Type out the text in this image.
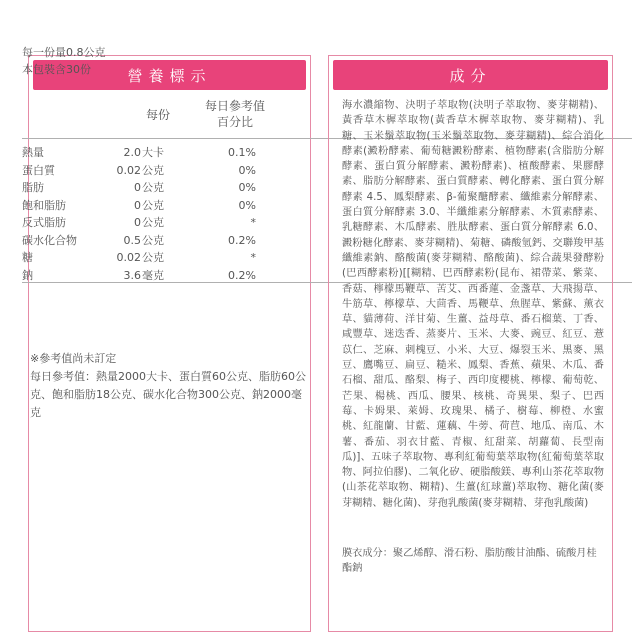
營養標示
每一份量0.8公克
本包裝含30份
每份
每日參考值
百分比
熱量	2.0 大卡	0.1%
蛋白質	0.02 公克	0%
脂肪	0 公克	0%
飽和脂肪	0 公克	0%
反式脂肪	0 公克	*
碳水化合物	0.5 公克	0.2%
糖	0.02 公克	*
鈉	3.6 毫克	0.2%
※參考值尚未訂定
每日參考值：熱量2000大卡、蛋白質60公克、脂肪60公克、飽和脂肪18公克、碳水化合物300公克、鈉2000毫克
成分
海水濃縮物、決明子萃取物(決明子萃取物、麥芽糊精)、黃香草木樨萃取物(黃香草木樨萃取物、麥芽糊精)、乳糖、玉米鬚萃取物(玉米鬚萃取物、麥芽糊精)、綜合消化酵素(澱粉酵素、葡萄糖澱粉酵素、植物酵素(含脂肪分解酵素、蛋白質分解酵素、澱粉酵素)、植酸酵素、果膠酵素、脂肪分解酵素、蛋白質酵素、轉化酵素、蛋白質分解酵素 4.5、鳳梨酵素、β-葡聚醣酵素、纖維素分解酵素、蛋白質分解酵素 3.0、半纖維素分解酵素、木質素酵素、乳糖酵素、木瓜酵素、胜肽酵素、蛋白質分解酵素 6.0、澱粉糖化酵素、麥芽糊精)、菊糖、磷酸氫鈣、交聯羧甲基纖維素鈉、酪酸菌(麥芽糊精、酪酸菌)、綜合蔬果發酵粉(巴西酵素粉)[[糊精、巴西酵素粉(昆布、裙帶菜、紫菜、香菇、檸檬馬鞭草、苦艾、西番蓮、金盞草、大飛揚草、牛筋草、檸檬草、大茴香、馬鞭草、魚腥草、紫蘇、薰衣草、貓薄荷、洋甘菊、生薑、益母草、番石榴葉、丁香、咸豐草、迷迭香、蒸麥片、玉米、大麥、豌豆、紅豆、薏苡仁、芝麻、刺槐豆、小米、大豆、爆裂玉米、黑麥、黑豆、鷹嘴豆、扁豆、糙米、鳳梨、香蕉、蘋果、木瓜、番石榴、甜瓜、酪梨、梅子、西印度櫻桃、檸檬、葡萄乾、芒果、楊桃、西瓜、腰果、核桃、奇異果、梨子、巴西莓、卡姆果、萊姆、玫瑰果、橘子、樹莓、柳橙、水蜜桃、紅龍蘭、甘藍、蓮藕、牛蒡、荷苣、地瓜、南瓜、木薯、番茄、羽衣甘藍、青椒、紅甜菜、胡蘿蔔、長型南瓜)]、五味子萃取物、專利紅葡萄葉萃取物(紅葡萄葉萃取物、阿拉伯膠)、二氧化矽、硬脂酸鎂、專利山茶花萃取物(山茶花萃取物、糊精)、生薑(紅球薑)萃取物、糖化菌(麥芽糊精、糖化菌)、芽孢乳酸菌(麥芽糊精、芽孢乳酸菌)
膜衣成分：聚乙烯醇、滑石粉、脂肪酸甘油酯、硫酸月桂酯鈉
